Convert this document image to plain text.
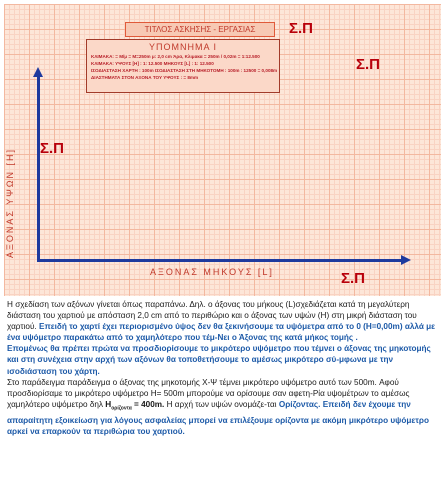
ΤΙΤΛΟΣ ΑΣΚΗΣΗΣ - ΕΡΓΑΣΙΑΣ	Σ.Π
Σ.Π
Σ.Π
Σ.Π
ΥΠΟΜΝΗΜΑ Ι
ΚΛΙΜΑΚΑ: = M/μ = M=250m μ: 2,0 cm Άρα, Κλιμακα = 250m / 0,02m = 1:12.500
ΚΛΙΜΑΚΑ: ΥΨΟΥΣ [Η] : 1: 12.500 ΜΗΚΟΥΣ [L] : 1: 12.500
ΙΣΟΔΙΑΣΤΑΣΗ ΧΑΡΤΗ : 100m ΙΣΟΔΙΑΣΤΑΣΗ ΣΤΗ ΜΗΚΟΤΟΜΗ : 100m : 12500 = 0,008m
ΔΙΑΣΤΗΜΑΤΑ ΣΤΟΝ ΑΞΟΝΑ ΤΟΥ ΥΨΟΥΣ : = 8mm
ΑΞΟΝΑΣ ΥΨΩΝ [H]
ΑΞΟΝΑΣ ΜΗΚΟΥΣ [L]

Η σχεδίαση των αξόνων γίνεται όπως παραπάνω. Δηλ. ο άξονας του μήκους (L)σχεδιάζεται κατά τη μεγαλύτερη διάσταση του χαρτιού με απόσταση 2,0 cm από το περιθώριο και ο άξονας των υψών (Η) στη μικρή διάσταση του χαρτιού. Επειδή το χαρτί έχει περιορισμένο ύψος δεν θα ξεκινήσουμε τα υψόμετρα από το 0 (Η=0,00m) αλλά με ένα υψόμετρο παρακάτω από το χαμηλότερο που τέμ-Νει ο Άξονας της κατά μήκος τομής .

Επομένως θα πρέπει πρώτα να προσδιορίσουμε το μικρότερο υψόμετρο που τέμνει ο άξονας της μηκοτομής και στη συνέχεια στην αρχή των αξόνων θα τοποθετήσουμε το αμέσως μικρότερο σύ-μφωνα με την ισοδιάσταση του χάρτη.

Στο παράδειγμα παράδειγμα ο άξονας της μηκοτομής Χ-Ψ τέμνει μικρότερο υψόμετρο αυτό των 500m. Αφού προσδιορίσαμε το μικρότερο υψόμετρο H= 500m μπορούμε να ορίσουμε σαν αφετη-Ρία υψομέτρων το αμέσως χαμηλότερο υψόμετρο δηλ $H_{o\rho ί\zeta o\nu\tau\alpha} = 400m$. Η αρχή των υψών ονομάζε-ται Ορίζοντας. Επειδή δεν έχουμε την απαραίτητη εξοικείωση για λόγους ασφαλείας μπορεί να επιλέξουμε ορίζοντα με ακόμη μικρότερο υψόμετρο αρκεί να επαρκούν τα περιθώρια του χαρτιού.
